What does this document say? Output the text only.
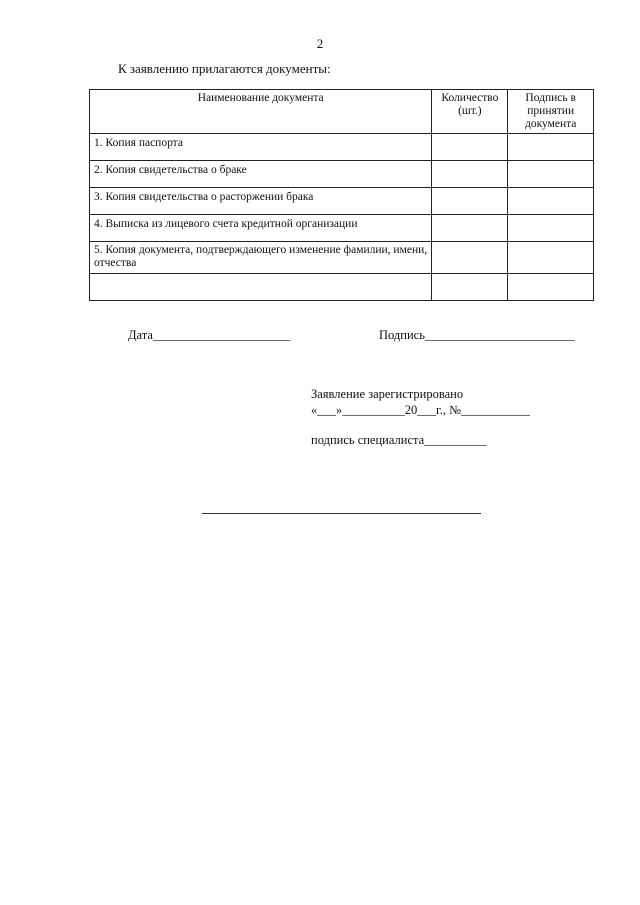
2
К заявлению прилагаются документы:
Наименование документа	Количество (шт.)	Подпись в принятии документа
1. Копия паспорта		
2. Копия свидетельства о браке		
3. Копия свидетельства о расторжении брака		
4. Выписка из лицевого счета кредитной организации		
5. Копия документа, подтверждающего изменение фамилии, имени, отчества		

Дата______________________	Подпись________________________
Заявление зарегистрировано
«___»__________20___г., №___________
подпись специалиста__________
